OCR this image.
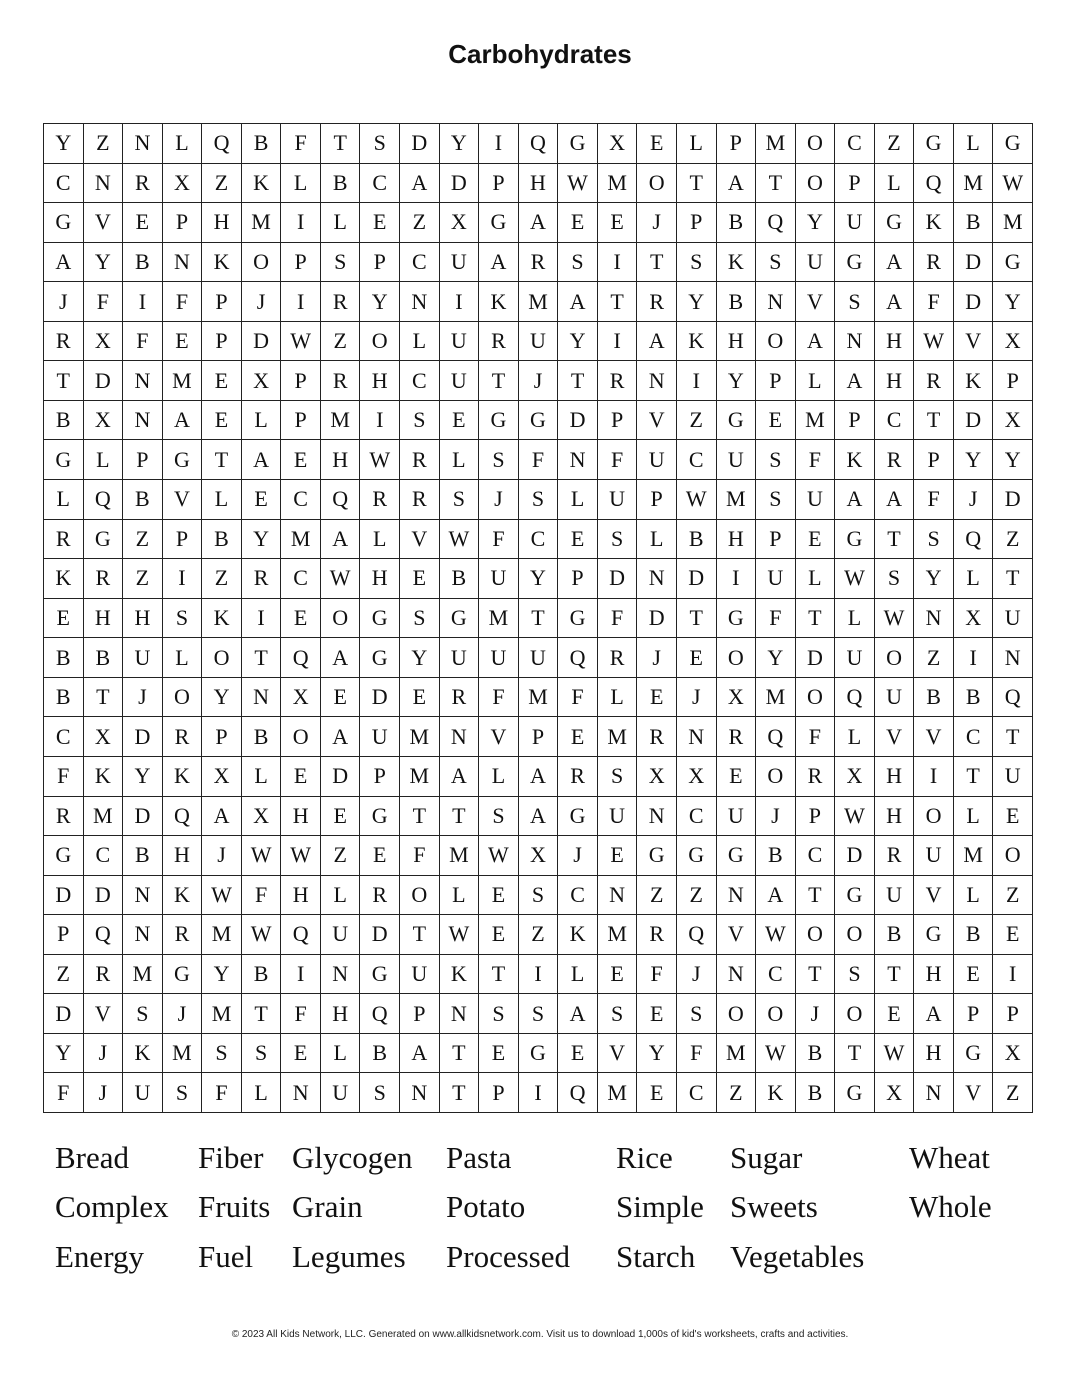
Carbohydrates
Y	Z	N	L	Q	B	F	T	S	D	Y	I	Q	G	X	E	L	P	M O	C	Z	G	L	G
C	N	R	X	Z	K	L	B	C	A	D	P	H W M O	T	A	T	O	P	L	Q M W
G	V	E	P	H M	I	L	E	Z	X	G	A	E	E	J	P	B	Q	Y	U	G	K	B	M
A	Y	B	N	K	O	P	S	P	C	U	A	R	S	I	T	S	K	S	U	G	A	R	D	G
J	F	I	F	P	J	I	R	Y	N	I	K M A	T	R	Y	B	N	V	S	A	F	D	Y
R	X	F	E	P	D W	Z	O	L	U	R	U	Y	I	A	K	H	O	A	N	H W V	X
T	D	N M	E	X	P	R	H	C	U	T	J	T	R	N	I	Y	P	L	A	H	R	K	P
B	X	N	A	E	L	P	M	I	S	E	G	G	D	P	V	Z	G	E	M	P	C	T	D	X
G	L	P	G	T	A	E	H W R	L	S	F	N	F	U	C	U	S	F	K	R	P	Y	Y
L	Q	B	V	L	E	C	Q	R	R	S	J	S	L	U	P	W M	S	U	A	A	F	J	D
R	G	Z	P	B	Y M A	L	V W	F	C	E	S	L	B	H	P	E	G	T	S	Q	Z
K	R	Z	I	Z	R	C W H	E	B	U	Y	P	D	N	D	I	U	L	W	S	Y	L	T
E	H	H	S	K	I	E	O	G	S	G M	T	G	F	D	T	G	F	T	L	W N	X	U
B	B	U	L	O	T	Q	A	G	Y	U	U	U	Q	R	J	E	O	Y	D	U	O	Z	I	N
B	T	J	O	Y	N	X	E	D	E	R	F	M	F	L	E	J	X M O	Q	U	B	B	Q
C	X	D	R	P	B	O	A	U M N	V	P	E	M	R	N	R	Q	F	L	V	V	C	T
F	K	Y	K	X	L	E	D	P	M A	L	A	R	S	X	X	E	O	R	X	H	I	T	U
R	M D	Q	A	X	H	E	G	T	T	S	A	G	U	N	C	U	J	P	W H	O	L	E
G	C	B	H	J	W W	Z	E	F	M W X	J	E	G	G	G	B	C	D	R	U M O
D	D	N	K W	F	H	L	R	O	L	E	S	C	N	Z	Z	N	A	T	G	U	V	L	Z
P	Q	N	R	M W Q	U	D	T	W	E	Z	K M	R	Q	V W O	O	B	G	B	E
Z	R	M G	Y	B	I	N	G	U	K	T	I	L	E	F	J	N	C	T	S	T	H	E	I
D	V	S	J	M	T	F	H	Q	P	N	S	S	A	S	E	S	O	O	J	O	E	A	P	P
Y	J	K M	S	S	E	L	B	A	T	E	G	E	V	Y	F	M W B	T	W H	G	X
F	J	U	S	F	L	N	U	S	N	T	P	I	Q M	E	C	Z	K	B	G	X	N	V	Z
Bread
Complex
Energy
Fiber
Fruits
Fuel
Glycogen
Grain
Legumes
Pasta
Potato
Processed
Rice
Simple
Starch
Sugar
Sweets
Vegetables
Wheat
Whole
© 2023 All Kids Network, LLC. Generated on www.allkidsnetwork.com. Visit us to download 1,000s of kid's worksheets, crafts and activities.
